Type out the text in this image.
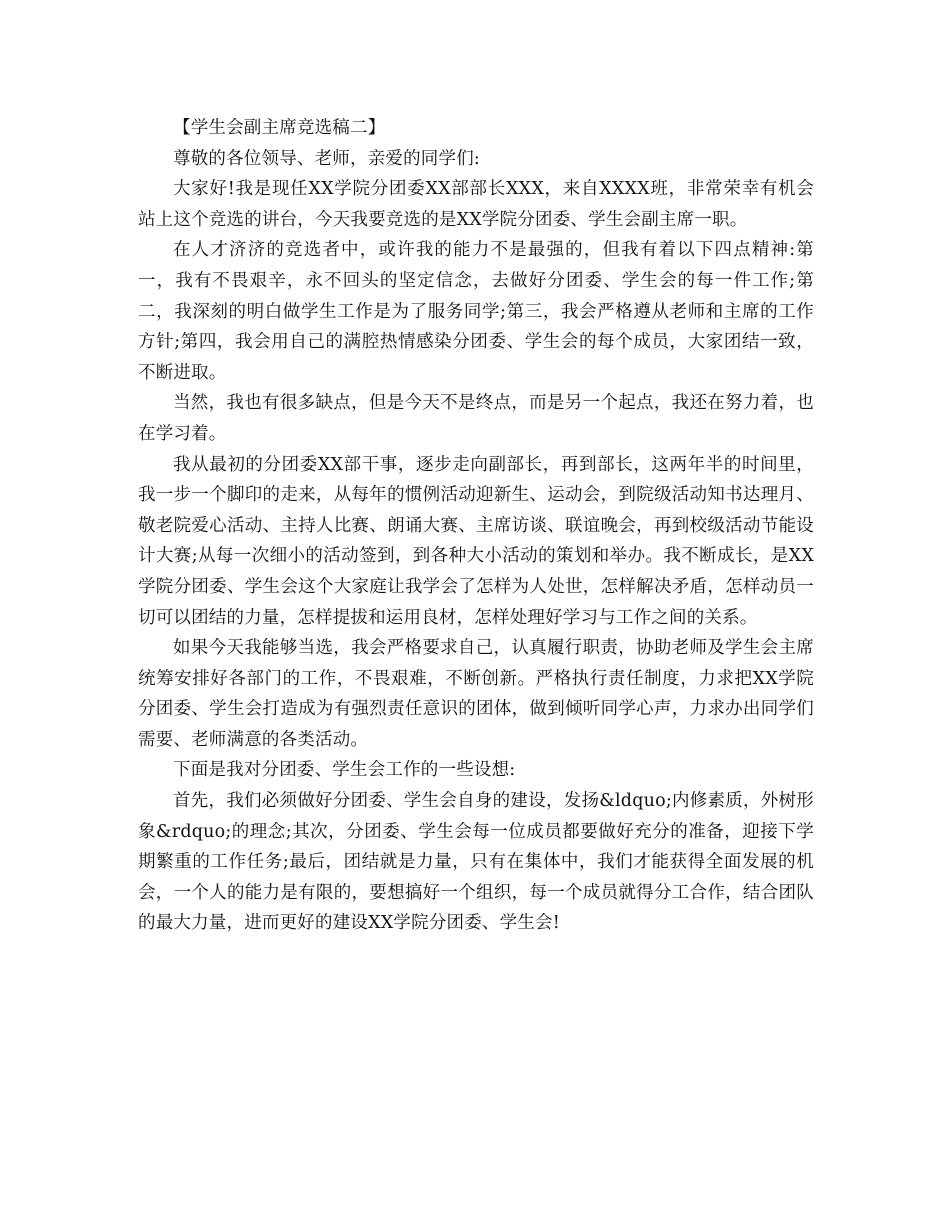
【学生会副主席竞选稿二】

尊敬的各位领导、老师，亲爱的同学们:

大家好!我是现任XX学院分团委XX部部长XXX，来自XXXX班，非常荣幸有机会站上这个竞选的讲台，今天我要竞选的是XX学院分团委、学生会副主席一职。

在人才济济的竞选者中，或许我的能力不是最强的，但我有着以下四点精神:第一，我有不畏艰辛，永不回头的坚定信念，去做好分团委、学生会的每一件工作;第二，我深刻的明白做学生工作是为了服务同学;第三，我会严格遵从老师和主席的工作方针;第四，我会用自己的满腔热情感染分团委、学生会的每个成员，大家团结一致，不断进取。

当然，我也有很多缺点，但是今天不是终点，而是另一个起点，我还在努力着，也在学习着。

我从最初的分团委XX部干事，逐步走向副部长，再到部长，这两年半的时间里，我一步一个脚印的走来，从每年的惯例活动迎新生、运动会，到院级活动知书达理月、敬老院爱心活动、主持人比赛、朗诵大赛、主席访谈、联谊晚会，再到校级活动节能设计大赛;从每一次细小的活动签到，到各种大小活动的策划和举办。我不断成长，是XX学院分团委、学生会这个大家庭让我学会了怎样为人处世，怎样解决矛盾，怎样动员一切可以团结的力量，怎样提拔和运用良材，怎样处理好学习与工作之间的关系。

如果今天我能够当选，我会严格要求自己，认真履行职责，协助老师及学生会主席统筹安排好各部门的工作，不畏艰难，不断创新。严格执行责任制度，力求把XX学院分团委、学生会打造成为有强烈责任意识的团体，做到倾听同学心声，力求办出同学们需要、老师满意的各类活动。

下面是我对分团委、学生会工作的一些设想:

首先，我们必须做好分团委、学生会自身的建设，发扬&ldquo;内修素质，外树形象&rdquo;的理念;其次，分团委、学生会每一位成员都要做好充分的准备，迎接下学期繁重的工作任务;最后，团结就是力量，只有在集体中，我们才能获得全面发展的机会，一个人的能力是有限的，要想搞好一个组织，每一个成员就得分工合作，结合团队的最大力量，进而更好的建设XX学院分团委、学生会!
